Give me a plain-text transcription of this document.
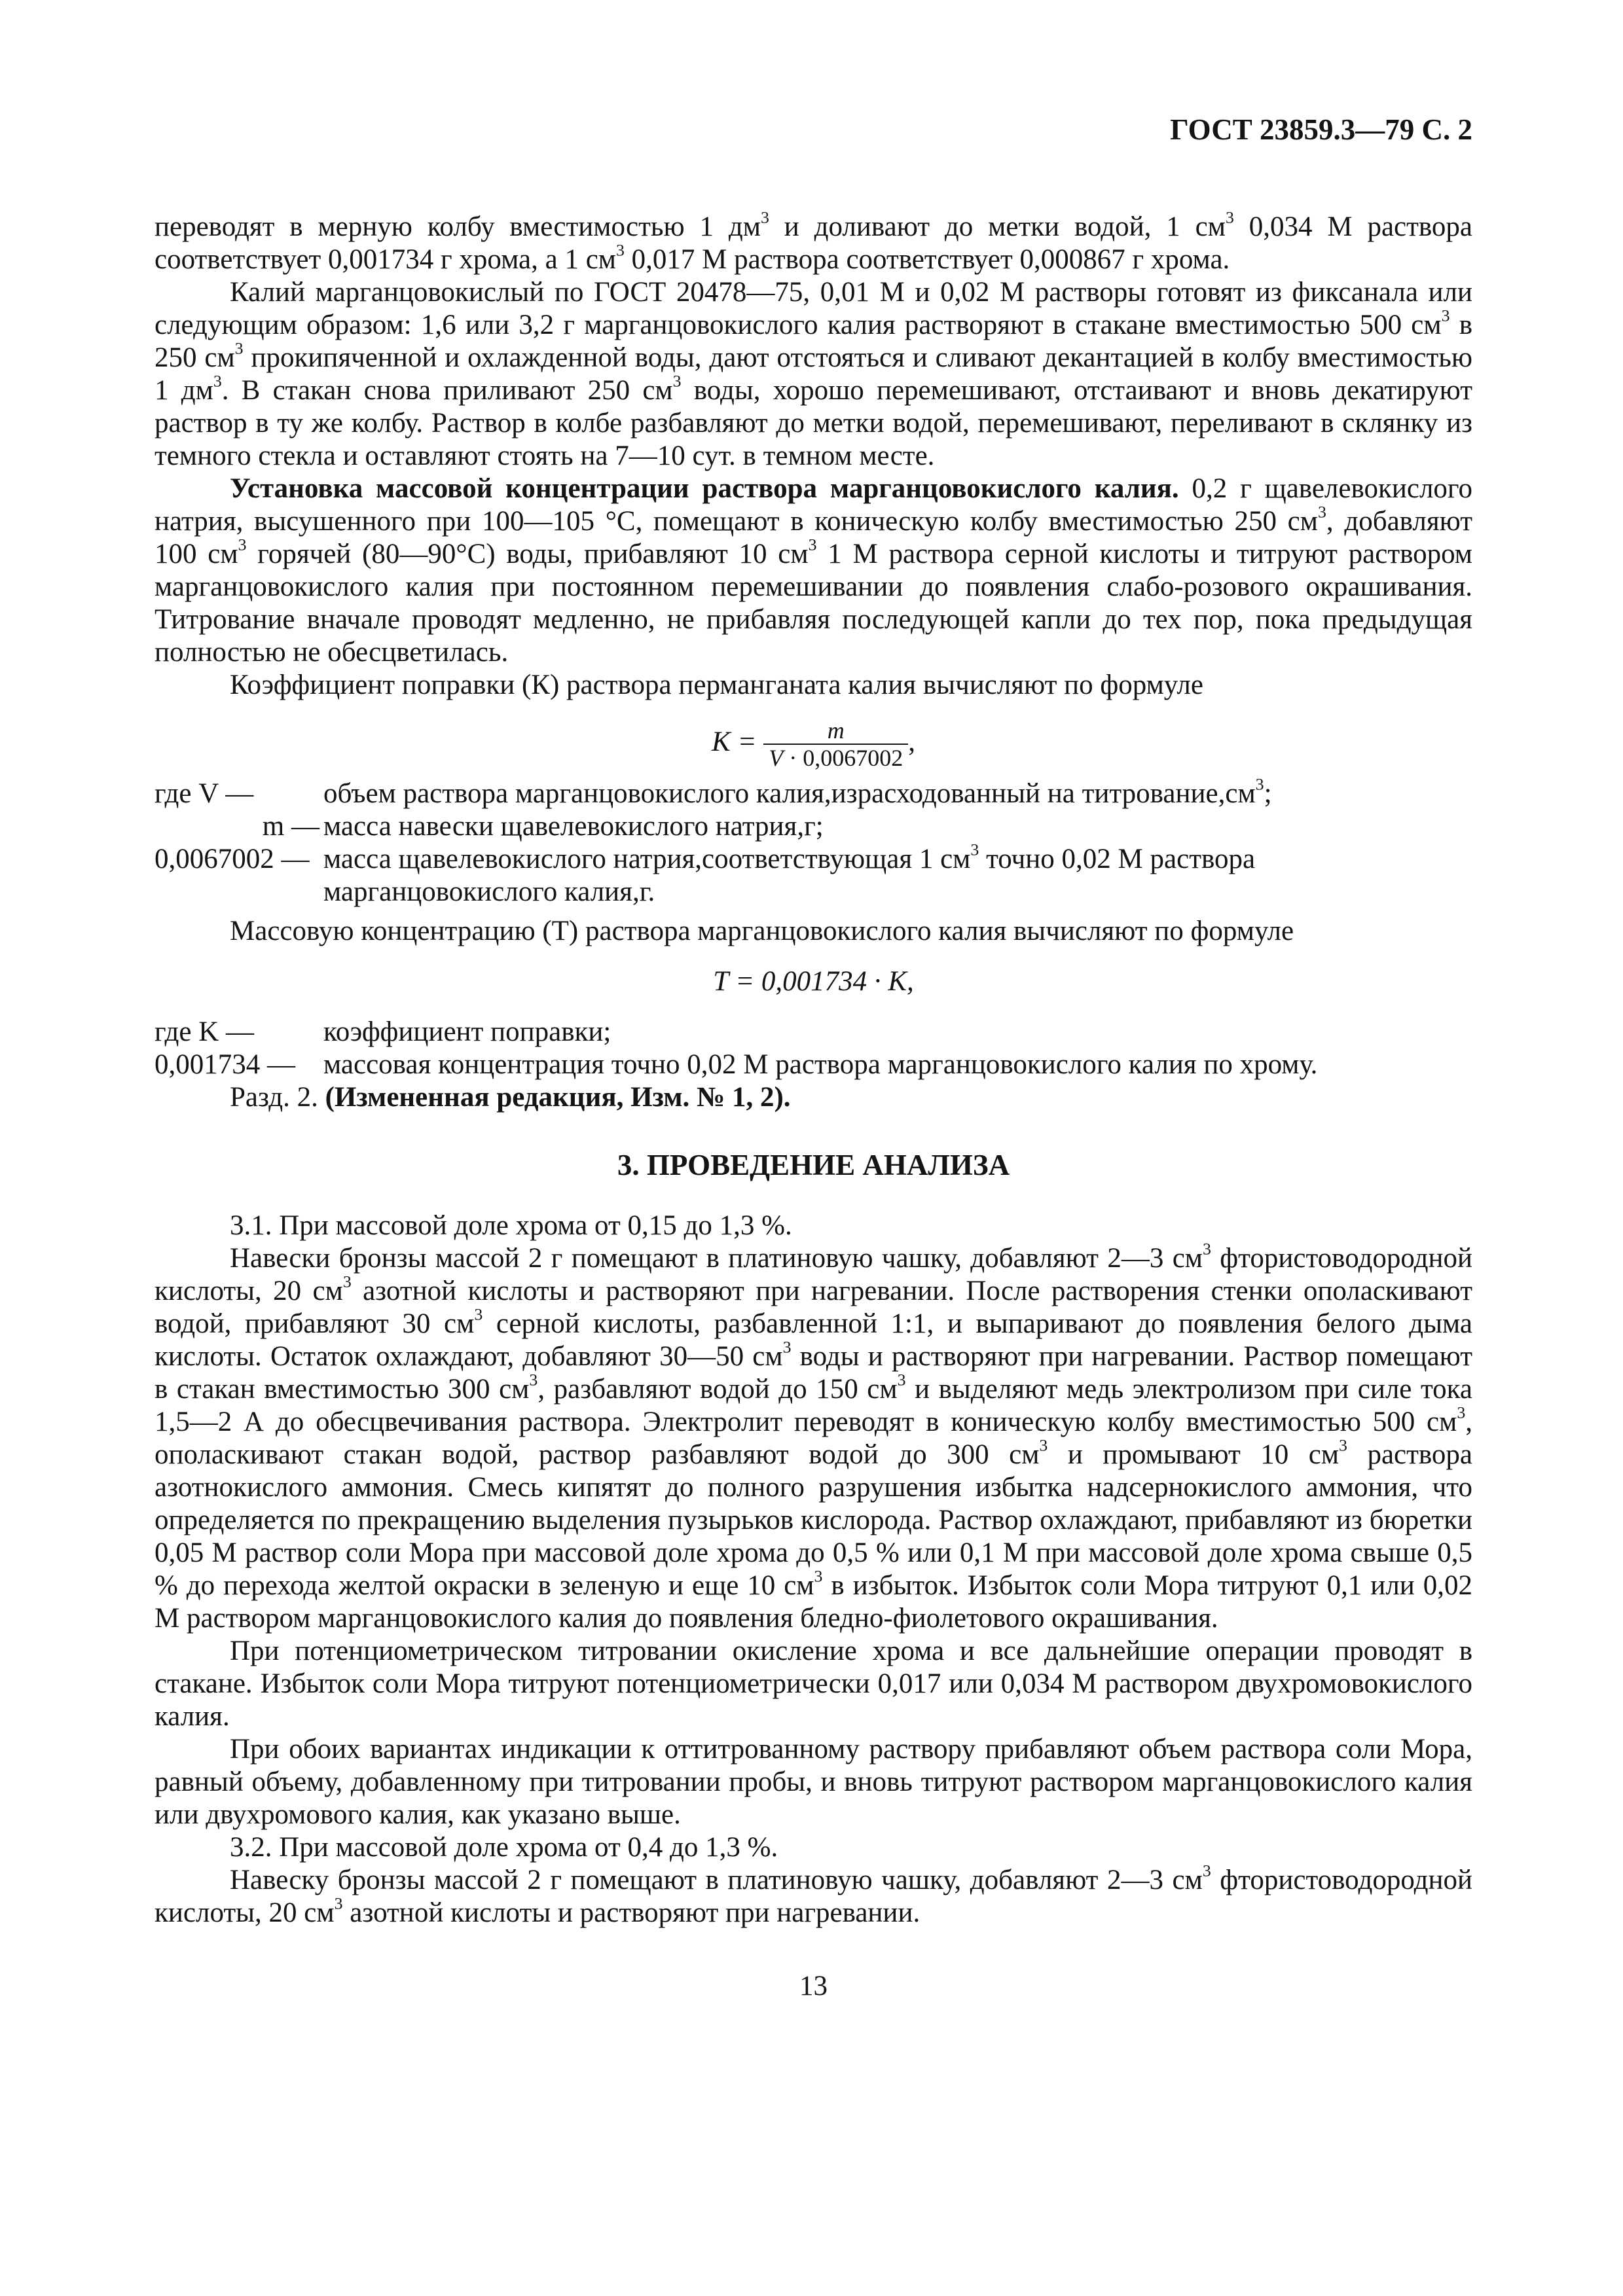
ГОСТ 23859.3—79 С. 2

переводят в мерную колбу вместимостью 1 $дм^3$ и доливают до метки водой, 1 $см^3$ 0,034 М раствора соответствует 0,001734 г хрома, а 1 $см^3$ 0,017 М раствора соответствует 0,000867 г хрома.

Калий марганцовокислый по ГОСТ 20478—75, 0,01 М и 0,02 М растворы готовят из фиксанала или следующим образом: 1,6 или 3,2 г марганцовокислого калия растворяют в стакане вместимостью 500 $см^3$ в 250 $см^3$ прокипяченной и охлажденной воды, дают отстояться и сливают декантацией в колбу вместимостью 1 $дм^3$. В стакан снова приливают 250 $см^3$ воды, хорошо перемешивают, отстаивают и вновь декатируют раствор в ту же колбу. Раствор в колбе разбавляют до метки водой, перемешивают, переливают в склянку из темного стекла и оставляют стоять на 7—10 сут. в темном месте.

Установка массовой концентрации раствора марганцовокислого калия. 0,2 г щавелевокислого натрия, высушенного при 100—105 °С, помещают в коническую колбу вместимостью 250 $см^3$, добавляют 100 $см^3$ горячей (80—90°С) воды, прибавляют 10 $см^3$ 1 М раствора серной кислоты и титруют раствором марганцовокислого калия при постоянном перемешивании до появления слабо-розового окрашивания. Титрование вначале проводят медленно, не прибавляя последующей капли до тех пор, пока предыдущая полностью не обесцветилась.

Коэффициент поправки (К) раствора перманганата калия вычисляют по формуле

$K = \frac{m}{V \cdot 0,0067002}$ ,
где V —	объем раствора марганцовокислого калия,израсходованный на $титрование,см^3$;
m — масса навески щавелевокислого натрия,г;
0,0067002 — масса щавелевокислого натрия,соответствующая 1 $см^3$ точно 0,02 М раствора марганцовокислого калия,г.

Массовую концентрацию (Т) раствора марганцовокислого калия вычисляют по формуле

T = 0,001734 · K,
где K —	коэффициент поправки;
0,001734 —	массовая концентрация точно 0,02 М раствора марганцовокислого калия по хрому.

Разд. 2. (Измененная редакция, Изм. № 1, 2).

3. ПРОВЕДЕНИЕ АНАЛИЗА

3.1. При массовой доле хрома от 0,15 до 1,3 %.

Навески бронзы массой 2 г помещают в платиновую чашку, добавляют 2—3 $см^3$ фтористоводородной кислоты, 20 $см^3$ азотной кислоты и растворяют при нагревании. После растворения стенки ополаскивают водой, прибавляют 30 $см^3$ серной кислоты, разбавленной 1:1, и выпаривают до появления белого дыма кислоты. Остаток охлаждают, добавляют 30—50 $см^3$ воды и растворяют при нагревании. Раствор помещают в стакан вместимостью 300 $см^3$, разбавляют водой до 150 $см^3$ и выделяют медь электролизом при силе тока 1,5—2 А до обесцвечивания раствора. Электролит переводят в коническую колбу вместимостью 500 $см^3$, ополаскивают стакан водой, раствор разбавляют водой до 300 $см^3$ и промывают 10 $см^3$ раствора азотнокислого аммония. Смесь кипятят до полного разрушения избытка надсернокислого аммония, что определяется по прекращению выделения пузырьков кислорода. Раствор охлаждают, прибавляют из бюретки 0,05 М раствор соли Мора при массовой доле хрома до 0,5 % или 0,1 М при массовой доле хрома свыше 0,5 % до перехода желтой окраски в зеленую и еще 10 $см^3$ в избыток. Избыток соли Мора титруют 0,1 или 0,02 М раствором марганцовокислого калия до появления бледно-фиолетового окрашивания.

При потенциометрическом титровании окисление хрома и все дальнейшие операции проводят в стакане. Избыток соли Мора титруют потенциометрически 0,017 или 0,034 М раствором двухромовокислого калия.

При обоих вариантах индикации к оттитрованному раствору прибавляют объем раствора соли Мора, равный объему, добавленному при титровании пробы, и вновь титруют раствором марганцовокислого калия или двухромового калия, как указано выше.

3.2. При массовой доле хрома от 0,4 до 1,3 %.

Навеску бронзы массой 2 г помещают в платиновую чашку, добавляют 2—3 $см^3$ фтористоводородной кислоты, 20 $см^3$ азотной кислоты и растворяют при нагревании.

13
